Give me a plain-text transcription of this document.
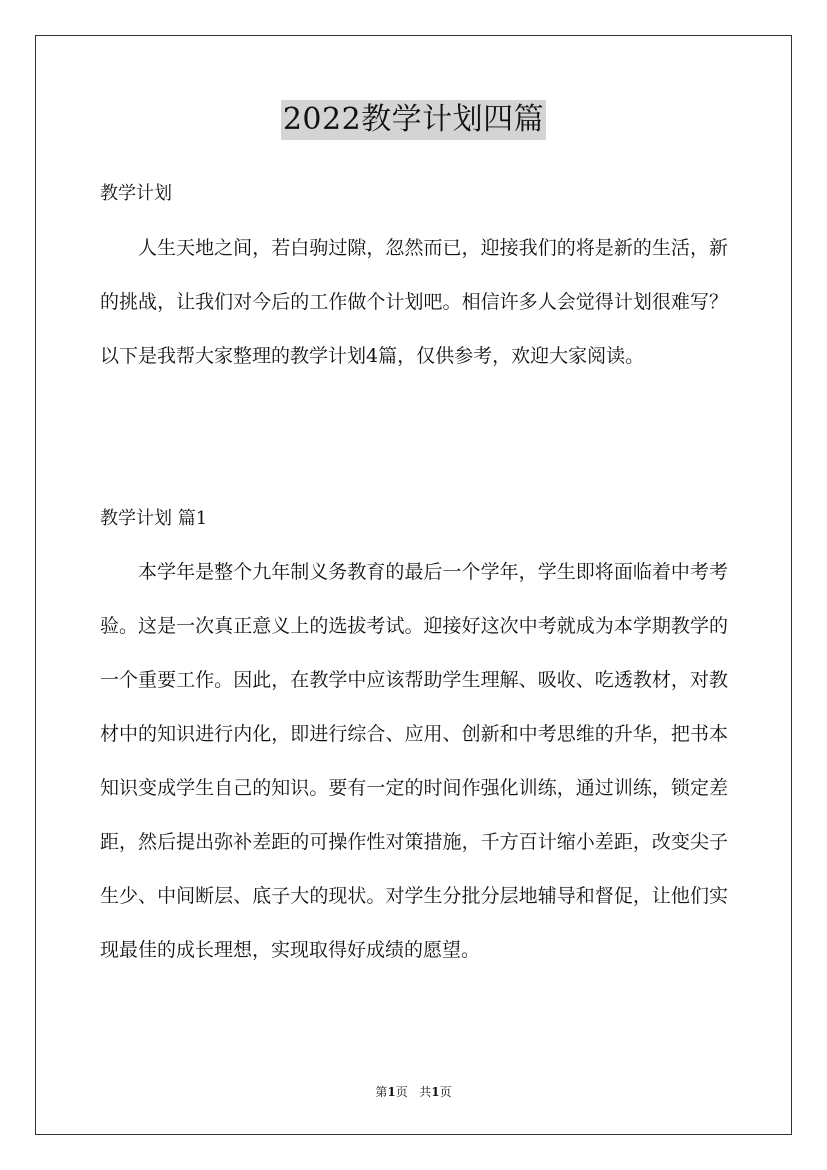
2022教学计划四篇
教学计划

人生天地之间，若白驹过隙，忽然而已，迎接我们的将是新的生活，新的挑战，让我们对今后的工作做个计划吧。相信许多人会觉得计划很难写？以下是我帮大家整理的教学计划4篇，仅供参考，欢迎大家阅读。

教学计划 篇1

本学年是整个九年制义务教育的最后一个学年，学生即将面临着中考考验。这是一次真正意义上的选拔考试。迎接好这次中考就成为本学期教学的一个重要工作。因此，在教学中应该帮助学生理解、吸收、吃透教材，对教材中的知识进行内化，即进行综合、应用、创新和中考思维的升华，把书本知识变成学生自己的知识。要有一定的时间作强化训练，通过训练，锁定差距，然后提出弥补差距的可操作性对策措施，千方百计缩小差距，改变尖子生少、中间断层、底子大的现状。对学生分批分层地辅导和督促，让他们实现最佳的成长理想，实现取得好成绩的愿望。

第1页 共1页
